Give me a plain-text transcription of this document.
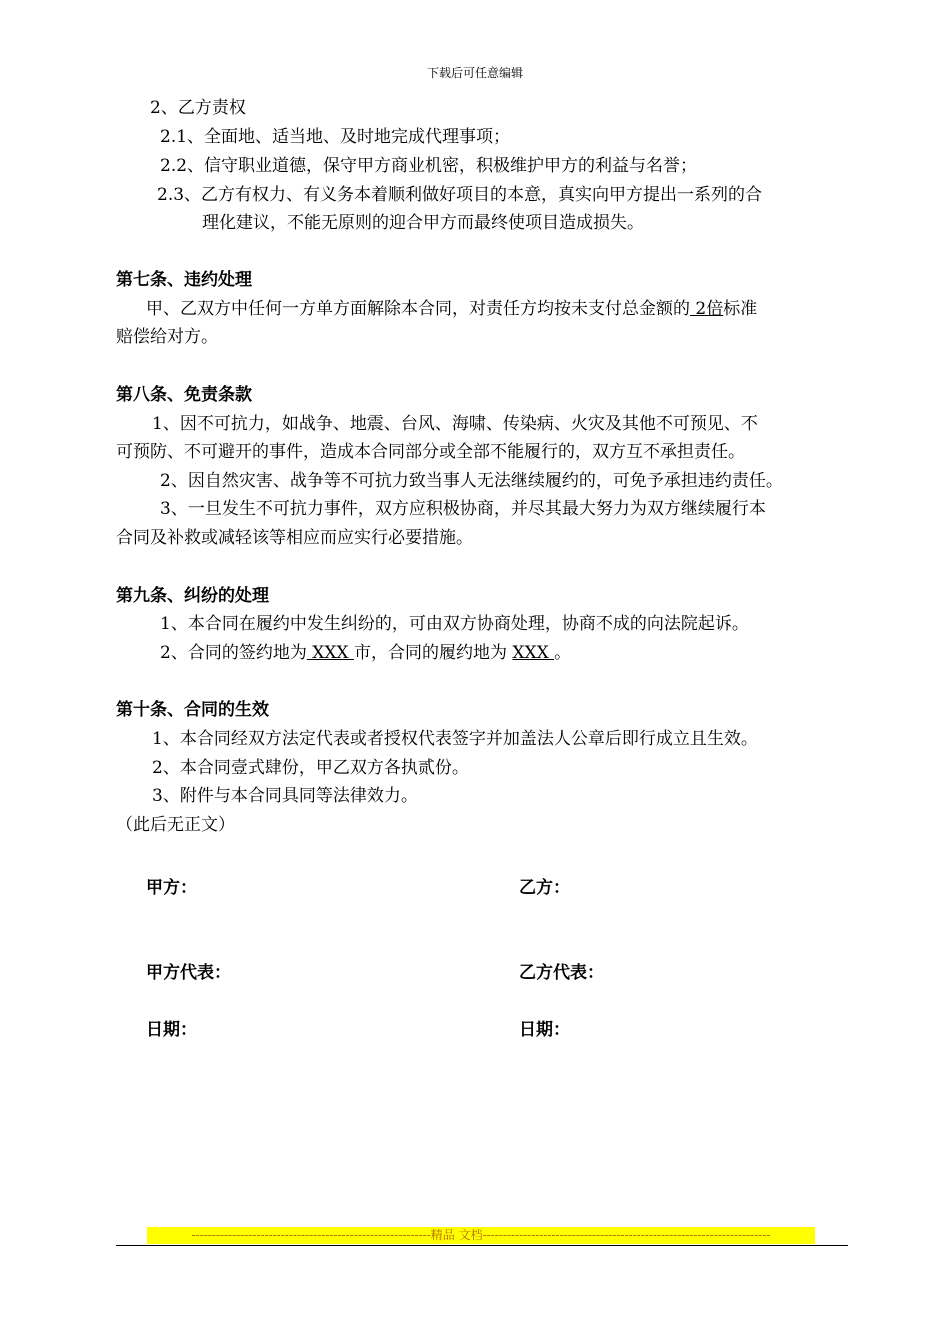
下载后可任意编辑
2、乙方责权
2.1、全面地、适当地、及时地完成代理事项；
2.2、信守职业道德，保守甲方商业机密，积极维护甲方的利益与名誉；
2.3、乙方有权力、有义务本着顺利做好项目的本意，真实向甲方提出一系列的合
理化建议，不能无原则的迎合甲方而最终使项目造成损失。
第七条、违约处理
甲、乙双方中任何一方单方面解除本合同，对责任方均按未支付总金额的 2倍标准
赔偿给对方。
第八条、免责条款
1、因不可抗力，如战争、地震、台风、海啸、传染病、火灾及其他不可预见、不
可预防、不可避开的事件，造成本合同部分或全部不能履行的，双方互不承担责任。
2、因自然灾害、战争等不可抗力致当事人无法继续履约的，可免予承担违约责任。
3、一旦发生不可抗力事件，双方应积极协商，并尽其最大努力为双方继续履行本
合同及补救或减轻该等相应而应实行必要措施。
第九条、纠纷的处理
1、本合同在履约中发生纠纷的，可由双方协商处理，协商不成的向法院起诉。
2、合同的签约地为 XXX 市，合同的履约地为 XXX 。
第十条、合同的生效
1、本合同经双方法定代表或者授权代表签字并加盖法人公章后即行成立且生效。
2、本合同壹式肆份，甲乙双方各执贰份。
3、附件与本合同具同等法律效力。
（此后无正文）
甲方：	乙方：
甲方代表：	乙方代表：
日期：	日期：
-----------------------------------------------------------精品 文档-----------------------------------------------------------------------
